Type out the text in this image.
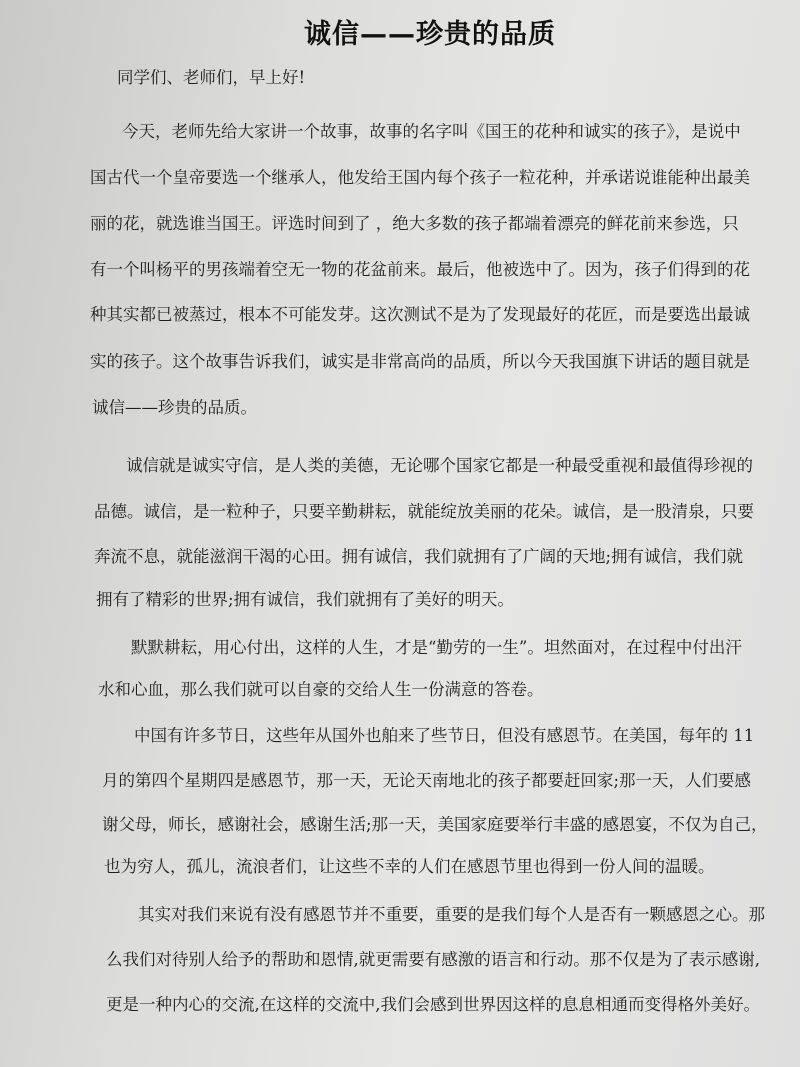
诚信——珍贵的品质
同学们、老师们，早上好!
今天，老师先给大家讲一个故事，故事的名字叫《国王的花种和诚实的孩子》，是说中
国古代一个皇帝要选一个继承人，他发给王国内每个孩子一粒花种，并承诺说谁能种出最美
丽的花，就选谁当国王。评选时间到了 ，绝大多数的孩子都端着漂亮的鲜花前来参选，只
有一个叫杨平的男孩端着空无一物的花盆前来。最后，他被选中了。因为，孩子们得到的花
种其实都已被蒸过，根本不可能发芽。这次测试不是为了发现最好的花匠，而是要选出最诚
实的孩子。这个故事告诉我们，诚实是非常高尚的品质，所以今天我国旗下讲话的题目就是
诚信——珍贵的品质。
诚信就是诚实守信，是人类的美德，无论哪个国家它都是一种最受重视和最值得珍视的
品德。诚信，是一粒种子，只要辛勤耕耘，就能绽放美丽的花朵。诚信，是一股清泉，只要
奔流不息，就能滋润干渴的心田。拥有诚信，我们就拥有了广阔的天地;拥有诚信，我们就
拥有了精彩的世界;拥有诚信，我们就拥有了美好的明天。
默默耕耘，用心付出，这样的人生，才是“勤劳的一生”。坦然面对，在过程中付出汗
水和心血，那么我们就可以自豪的交给人生一份满意的答卷。
中国有许多节日，这些年从国外也舶来了些节日，但没有感恩节。在美国，每年的 11
月的第四个星期四是感恩节，那一天，无论天南地北的孩子都要赶回家;那一天，人们要感
谢父母，师长，感谢社会，感谢生活;那一天，美国家庭要举行丰盛的感恩宴，不仅为自己，
也为穷人，孤儿，流浪者们，让这些不幸的人们在感恩节里也得到一份人间的温暖。
其实对我们来说有没有感恩节并不重要，重要的是我们每个人是否有一颗感恩之心。那
么我们对待别人给予的帮助和恩情,就更需要有感激的语言和行动。那不仅是为了表示感谢,
更是一种内心的交流,在这样的交流中,我们会感到世界因这样的息息相通而变得格外美好。
